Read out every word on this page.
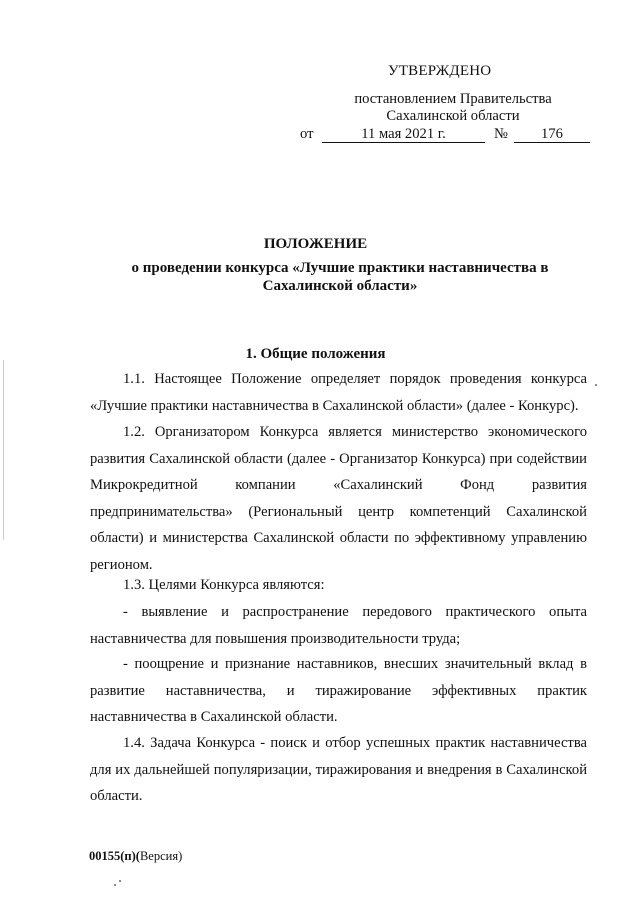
УТВЕРЖДЕНО
постановлением Правительства
Сахалинской области
от	11 мая 2021 г.	№	176
ПОЛОЖЕНИЕ
о проведении конкурса «Лучшие практики наставничества в Сахалинской области»
1. Общие положения
1.1. Настоящее Положение определяет порядок проведения конкурса «Лучшие практики наставничества в Сахалинской области» (далее - Конкурс).
1.2. Организатором Конкурса является министерство экономического развития Сахалинской области (далее - Организатор Конкурса) при содействии Микрокредитной компании «Сахалинский Фонд развития предпринимательства» (Региональный центр компетенций Сахалинской области) и министерства Сахалинской области по эффективному управлению регионом.
1.3. Целями Конкурса являются:
- выявление и распространение передового практического опыта наставничества для повышения производительности труда;
- поощрение и признание наставников, внесших значительный вклад в развитие наставничества, и тиражирование эффективных практик наставничества в Сахалинской области.
1.4. Задача Конкурса - поиск и отбор успешных практик наставничества для их дальнейшей популяризации, тиражирования и внедрения в Сахалинской области.
00155(п)(Версия)
